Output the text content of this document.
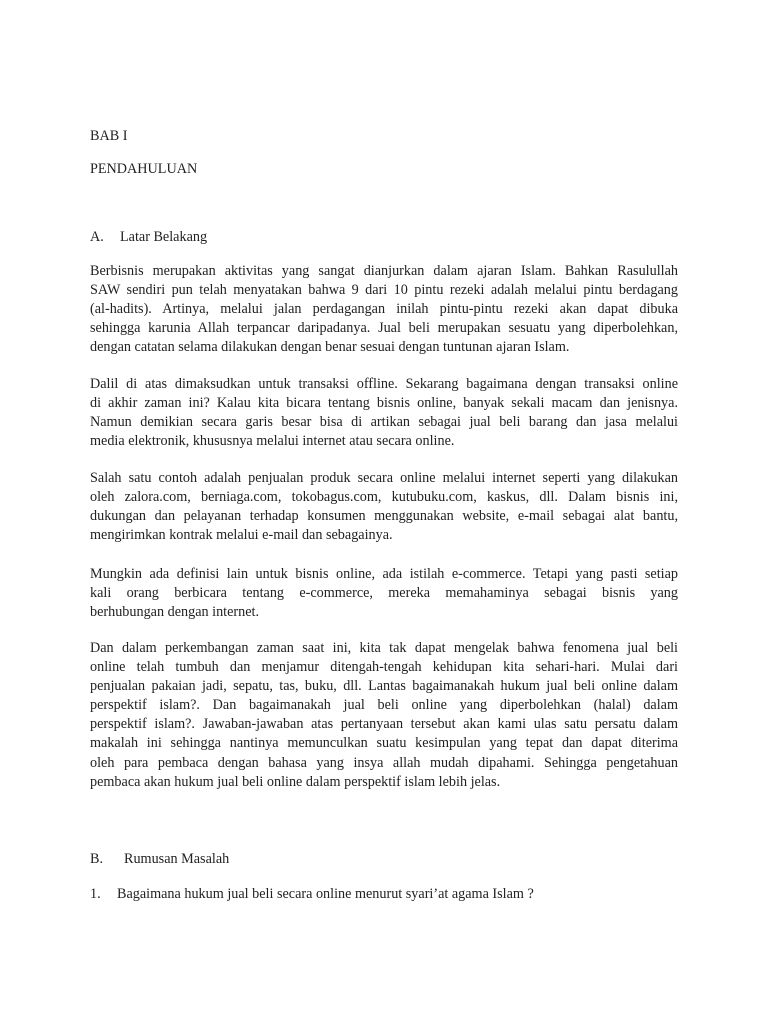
BAB I

PENDAHULUAN

A. Latar Belakang

Berbisnis merupakan aktivitas yang sangat dianjurkan dalam ajaran Islam. Bahkan Rasulullah
SAW sendiri pun telah menyatakan bahwa 9 dari 10 pintu rezeki adalah melalui pintu berdagang
(al-hadits). Artinya, melalui jalan perdagangan inilah pintu-pintu rezeki akan dapat dibuka
sehingga karunia Allah terpancar daripadanya. Jual beli merupakan sesuatu yang diperbolehkan,
dengan catatan selama dilakukan dengan benar sesuai dengan tuntunan ajaran Islam.
Dalil di atas dimaksudkan untuk transaksi offline. Sekarang bagaimana dengan transaksi online
di akhir zaman ini? Kalau kita bicara tentang bisnis online, banyak sekali macam dan jenisnya.
Namun demikian secara garis besar bisa di artikan sebagai jual beli barang dan jasa melalui
media elektronik, khususnya melalui internet atau secara online.
Salah satu contoh adalah penjualan produk secara online melalui internet seperti yang dilakukan
oleh zalora.com, berniaga.com, tokobagus.com, kutubuku.com, kaskus, dll. Dalam bisnis ini,
dukungan dan pelayanan terhadap konsumen menggunakan website, e-mail sebagai alat bantu,
mengirimkan kontrak melalui e-mail dan sebagainya.
Mungkin ada definisi lain untuk bisnis online, ada istilah e-commerce. Tetapi yang pasti setiap
kali orang berbicara tentang e-commerce, mereka memahaminya sebagai bisnis yang
berhubungan dengan internet.
Dan dalam perkembangan zaman saat ini, kita tak dapat mengelak bahwa fenomena jual beli
online telah tumbuh dan menjamur ditengah-tengah kehidupan kita sehari-hari. Mulai dari
penjualan pakaian jadi, sepatu, tas, buku, dll. Lantas bagaimanakah hukum jual beli online dalam
perspektif islam?. Dan bagaimanakah jual beli online yang diperbolehkan (halal) dalam
perspektif islam?. Jawaban-jawaban atas pertanyaan tersebut akan kami ulas satu persatu dalam
makalah ini sehingga nantinya memunculkan suatu kesimpulan yang tepat dan dapat diterima
oleh para pembaca dengan bahasa yang insya allah mudah dipahami. Sehingga pengetahuan
pembaca akan hukum jual beli online dalam perspektif islam lebih jelas.

B. Rumusan Masalah

1. Bagaimana hukum jual beli secara online menurut syari’at agama Islam ?
